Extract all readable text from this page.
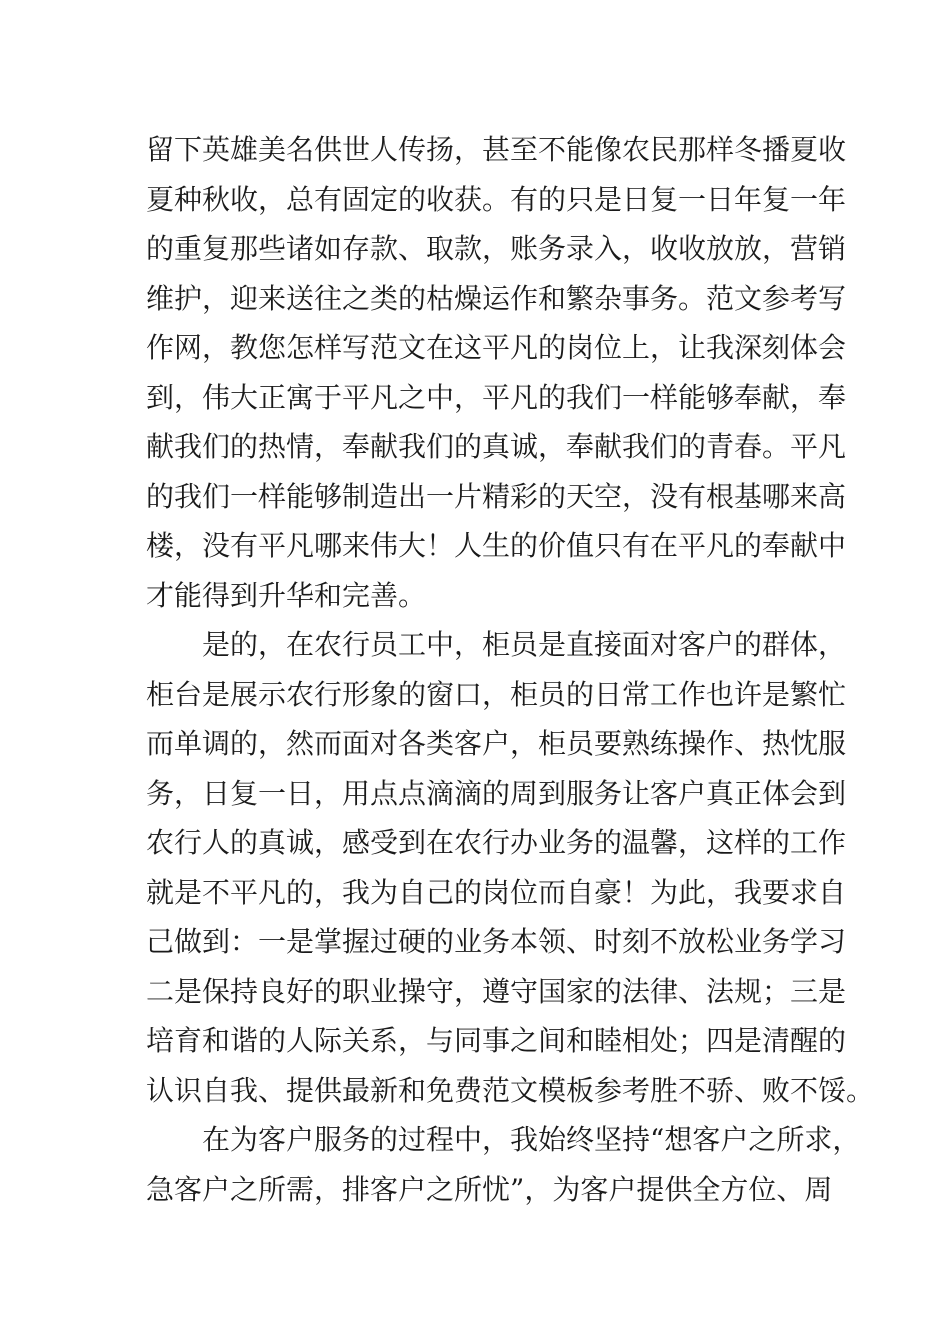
留下英雄美名供世人传扬，甚至不能像农民那样冬播夏收
夏种秋收，总有固定的收获。有的只是日复一日年复一年
的重复那些诸如存款、取款，账务录入，收收放放，营销
维护，迎来送往之类的枯燥运作和繁杂事务。范文参考写
作网，教您怎样写范文在这平凡的岗位上，让我深刻体会
到，伟大正寓于平凡之中，平凡的我们一样能够奉献，奉
献我们的热情，奉献我们的真诚，奉献我们的青春。平凡
的我们一样能够制造出一片精彩的天空，没有根基哪来高
楼，没有平凡哪来伟大！人生的价值只有在平凡的奉献中
才能得到升华和完善。
是的，在农行员工中，柜员是直接面对客户的群体，
柜台是展示农行形象的窗口，柜员的日常工作也许是繁忙
而单调的，然而面对各类客户，柜员要熟练操作、热忱服
务，日复一日，用点点滴滴的周到服务让客户真正体会到
农行人的真诚，感受到在农行办业务的温馨，这样的工作
就是不平凡的，我为自己的岗位而自豪！为此，我要求自
己做到：一是掌握过硬的业务本领、时刻不放松业务学习
二是保持良好的职业操守，遵守国家的法律、法规；三是
培育和谐的人际关系，与同事之间和睦相处；四是清醒的
认识自我、提供最新和免费范文模板参考胜不骄、败不馁。
在为客户服务的过程中，我始终坚持“想客户之所求，
急客户之所需，排客户之所忧”，为客户提供全方位、周
